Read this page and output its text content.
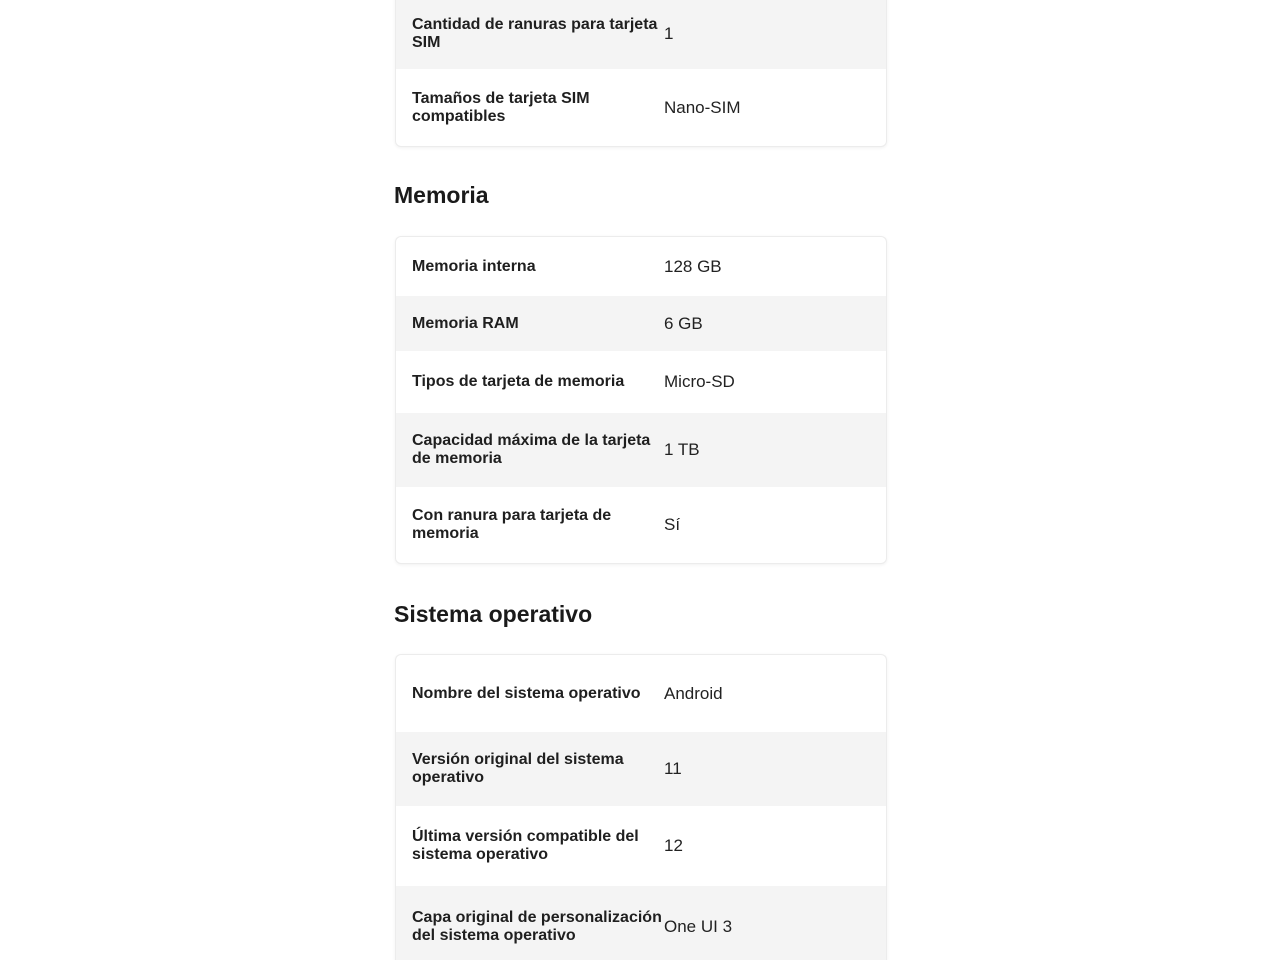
Cantidad de ranuras para tarjeta SIM	1
Tamaños de tarjeta SIM compatibles	Nano-SIM
Memoria
Memoria interna	128 GB
Memoria RAM	6 GB
Tipos de tarjeta de memoria	Micro-SD
Capacidad máxima de la tarjeta de memoria	1 TB
Con ranura para tarjeta de memoria	Sí
Sistema operativo
Nombre del sistema operativo	Android
Versión original del sistema operativo	11
Última versión compatible del sistema operativo	12
Capa original de personalización del sistema operativo	One UI 3
